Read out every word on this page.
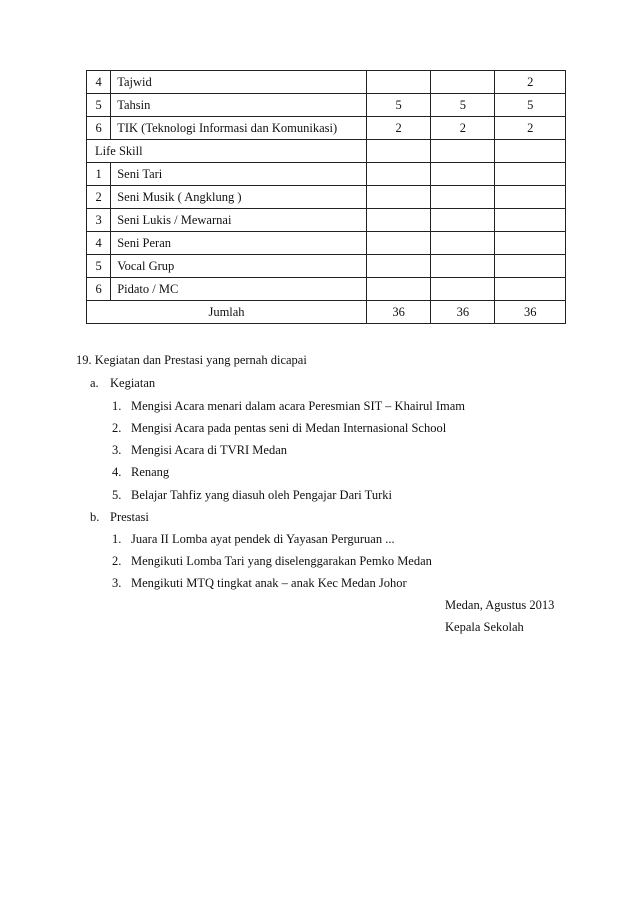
4	Tajwid			2
5	Tahsin	5	5	5
6	TIK (Teknologi Informasi dan Komunikasi)	2	2	2
Life Skill				
1	Seni Tari			
2	Seni Musik ( Angklung )			
3	Seni Lukis / Mewarnai			
4	Seni Peran			
5	Vocal Grup			
6	Pidato / MC			
Jumlah		36	36	36
19. Kegiatan dan Prestasi yang pernah dicapai
a. Kegiatan
1. Mengisi Acara menari dalam acara Peresmian SIT – Khairul Imam
2. Mengisi Acara pada pentas seni di Medan Internasional School
3. Mengisi Acara di TVRI Medan
4. Renang
5. Belajar Tahfiz yang diasuh oleh Pengajar Dari Turki
b. Prestasi
1. Juara II Lomba ayat pendek di Yayasan Perguruan ...
2. Mengikuti Lomba Tari yang diselenggarakan Pemko Medan
3. Mengikuti MTQ tingkat anak – anak Kec Medan Johor
Medan, Agustus 2013
Kepala Sekolah
